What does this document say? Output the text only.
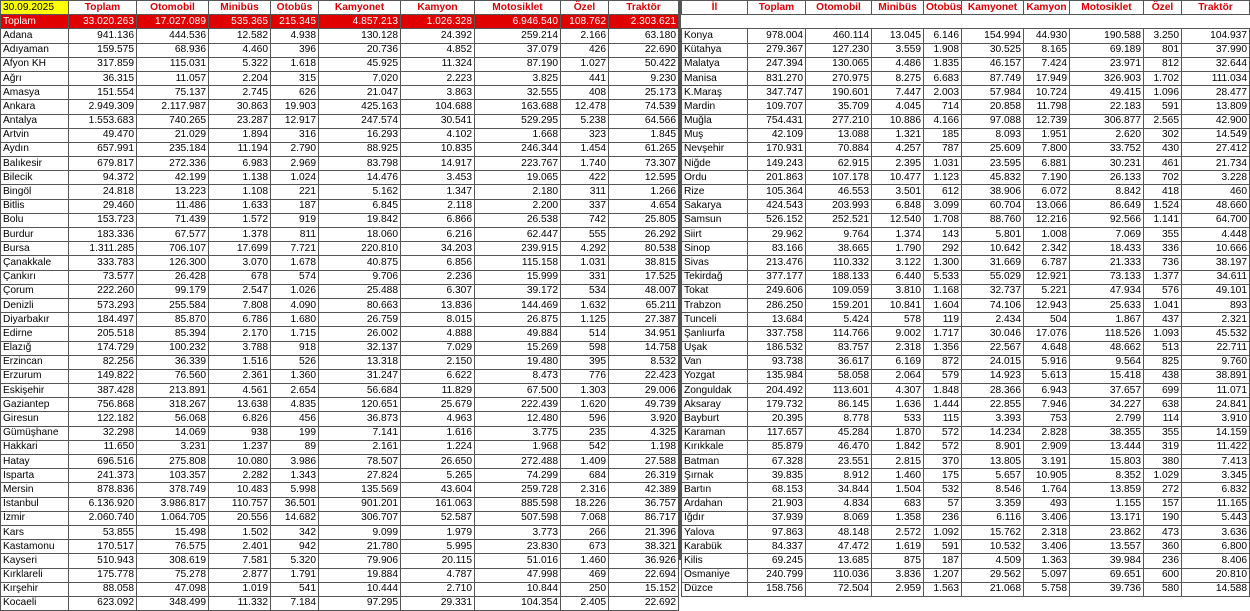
30.09.2025	Toplam	Otomobil	Minibüs	Otobüs	Kamyonet	Kamyon	Motosiklet	Özel	Traktör
Toplam	33.020.263	17.027.089	535.365	215.345	4.857.213	1.026.328	6.946.540	108.762	2.303.621
Adana	941.136	444.536	12.582	4.938	130.128	24.392	259.214	2.166	63.180
Adıyaman	159.575	68.936	4.460	396	20.736	4.852	37.079	426	22.690
Afyon KH	317.859	115.031	5.322	1.618	45.925	11.324	87.190	1.027	50.422
Ağrı	36.315	11.057	2.204	315	7.020	2.223	3.825	441	9.230
Amasya	151.554	75.137	2.745	626	21.047	3.863	32.555	408	25.173
Ankara	2.949.309	2.117.987	30.863	19.903	425.163	104.688	163.688	12.478	74.539
Antalya	1.553.683	740.265	23.287	12.917	247.574	30.541	529.295	5.238	64.566
Artvin	49.470	21.029	1.894	316	16.293	4.102	1.668	323	1.845
Aydın	657.991	235.184	11.194	2.790	88.925	10.835	246.344	1.454	61.265
Balıkesir	679.817	272.336	6.983	2.969	83.798	14.917	223.767	1.740	73.307
Bilecik	94.372	42.199	1.138	1.024	14.476	3.453	19.065	422	12.595
Bingöl	24.818	13.223	1.108	221	5.162	1.347	2.180	311	1.266
Bitlis	29.460	11.486	1.633	187	6.845	2.118	2.200	337	4.654
Bolu	153.723	71.439	1.572	919	19.842	6.866	26.538	742	25.805
Burdur	183.336	67.577	1.378	811	18.060	6.216	62.447	555	26.292
Bursa	1.311.285	706.107	17.699	7.721	220.810	34.203	239.915	4.292	80.538
Çanakkale	333.783	126.300	3.070	1.678	40.875	6.856	115.158	1.031	38.815
Çankırı	73.577	26.428	678	574	9.706	2.236	15.999	331	17.525
Çorum	222.260	99.179	2.547	1.026	25.488	6.307	39.172	534	48.007
Denizli	573.293	255.584	7.808	4.090	80.663	13.836	144.469	1.632	65.211
Diyarbakır	184.497	85.870	6.786	1.680	26.759	8.015	26.875	1.125	27.387
Edirne	205.518	85.394	2.170	1.715	26.002	4.888	49.884	514	34.951
Elazığ	174.729	100.232	3.788	918	32.137	7.029	15.269	598	14.758
Erzincan	82.256	36.339	1.516	526	13.318	2.150	19.480	395	8.532
Erzurum	149.822	76.560	2.361	1.360	31.247	6.622	8.473	776	22.423
Eskişehir	387.428	213.891	4.561	2.654	56.684	11.829	67.500	1.303	29.006
Gaziantep	756.868	318.267	13.638	4.835	120.651	25.679	222.439	1.620	49.739
Giresun	122.182	56.068	6.826	456	36.873	4.963	12.480	596	3.920
Gümüşhane	32.298	14.069	938	199	7.141	1.616	3.775	235	4.325
Hakkari	11.650	3.231	1.237	89	2.161	1.224	1.968	542	1.198
Hatay	696.516	275.808	10.080	3.986	78.507	26.650	272.488	1.409	27.588
Isparta	241.373	103.357	2.282	1.343	27.824	5.265	74.299	684	26.319
Mersin	878.836	378.749	10.483	5.998	135.569	43.604	259.728	2.316	42.389
İstanbul	6.136.920	3.986.817	110.757	36.501	901.201	161.063	885.598	18.226	36.757
İzmir	2.060.740	1.064.705	20.556	14.682	306.707	52.587	507.598	7.068	86.717
Kars	53.855	15.498	1.502	342	9.099	1.979	3.773	266	21.396
Kastamonu	170.517	76.575	2.401	942	21.780	5.995	23.830	673	38.321
Kayseri	510.943	308.619	7.581	5.320	79.906	20.115	51.016	1.460	36.926
Kırklareli	175.778	75.278	2.877	1.791	19.884	4.787	47.998	469	22.694
Kırşehir	88.058	47.098	1.019	541	10.444	2.710	10.844	250	15.152
Kocaeli	623.092	348.499	11.332	7.184	97.295	29.331	104.354	2.405	22.692
İl	Toplam	Otomobil	Minibüs	Otobüs	Kamyonet	Kamyon	Motosiklet	Özel	Traktör

Konya	978.004	460.114	13.045	6.146	154.994	44.930	190.588	3.250	104.937
Kütahya	279.367	127.230	3.559	1.908	30.525	8.165	69.189	801	37.990
Malatya	247.394	130.065	4.486	1.835	46.157	7.424	23.971	812	32.644
Manisa	831.270	270.975	8.275	6.683	87.749	17.949	326.903	1.702	111.034
K.Maraş	347.747	190.601	7.447	2.003	57.984	10.724	49.415	1.096	28.477
Mardin	109.707	35.709	4.045	714	20.858	11.798	22.183	591	13.809
Muğla	754.431	277.210	10.886	4.166	97.088	12.739	306.877	2.565	42.900
Muş	42.109	13.088	1.321	185	8.093	1.951	2.620	302	14.549
Nevşehir	170.931	70.884	4.257	787	25.609	7.800	33.752	430	27.412
Niğde	149.243	62.915	2.395	1.031	23.595	6.881	30.231	461	21.734
Ordu	201.863	107.178	10.477	1.123	45.832	7.190	26.133	702	3.228
Rize	105.364	46.553	3.501	612	38.906	6.072	8.842	418	460
Sakarya	424.543	203.993	6.848	3.099	60.704	13.066	86.649	1.524	48.660
Samsun	526.152	252.521	12.540	1.708	88.760	12.216	92.566	1.141	64.700
Siirt	29.962	9.764	1.374	143	5.801	1.008	7.069	355	4.448
Sinop	83.166	38.665	1.790	292	10.642	2.342	18.433	336	10.666
Sivas	213.476	110.332	3.122	1.300	31.669	6.787	21.333	736	38.197
Tekirdağ	377.177	188.133	6.440	5.533	55.029	12.921	73.133	1.377	34.611
Tokat	249.606	109.059	3.810	1.168	32.737	5.221	47.934	576	49.101
Trabzon	286.250	159.201	10.841	1.604	74.106	12.943	25.633	1.041	893
Tunceli	13.684	5.424	578	119	2.434	504	1.867	437	2.321
Şanlıurfa	337.758	114.766	9.002	1.717	30.046	17.076	118.526	1.093	45.532
Uşak	186.532	83.757	2.318	1.356	22.567	4.648	48.662	513	22.711
Van	93.738	36.617	6.169	872	24.015	5.916	9.564	825	9.760
Yozgat	135.984	58.058	2.064	579	14.923	5.613	15.418	438	38.891
Zonguldak	204.492	113.601	4.307	1.848	28.366	6.943	37.657	699	11.071
Aksaray	179.732	86.145	1.636	1.444	22.855	7.946	34.227	638	24.841
Bayburt	20.395	8.778	533	115	3.393	753	2.799	114	3.910
Karaman	117.657	45.284	1.870	572	14.234	2.828	38.355	355	14.159
Kırıkkale	85.879	46.470	1.842	572	8.901	2.909	13.444	319	11.422
Batman	67.328	23.551	2.815	370	13.805	3.191	15.803	380	7.413
Şırnak	39.835	8.912	1.460	175	5.657	10.905	8.352	1.029	3.345
Bartın	68.153	34.844	1.504	532	8.546	1.764	13.859	272	6.832
Ardahan	21.903	4.834	683	57	3.359	493	1.155	157	11.165
Iğdır	37.939	8.069	1.358	236	6.116	3.406	13.171	190	5.443
Yalova	97.863	48.148	2.572	1.092	15.762	2.318	23.862	473	3.636
Karabük	84.337	47.472	1.619	591	10.532	3.406	13.557	360	6.800
Kilis	69.245	13.685	875	187	4.509	1.363	39.984	236	8.406
Osmaniye	240.799	110.036	3.836	1.207	29.562	5.097	69.651	600	20.810
Düzce	158.756	72.504	2.959	1.563	21.068	5.758	39.736	580	14.588
